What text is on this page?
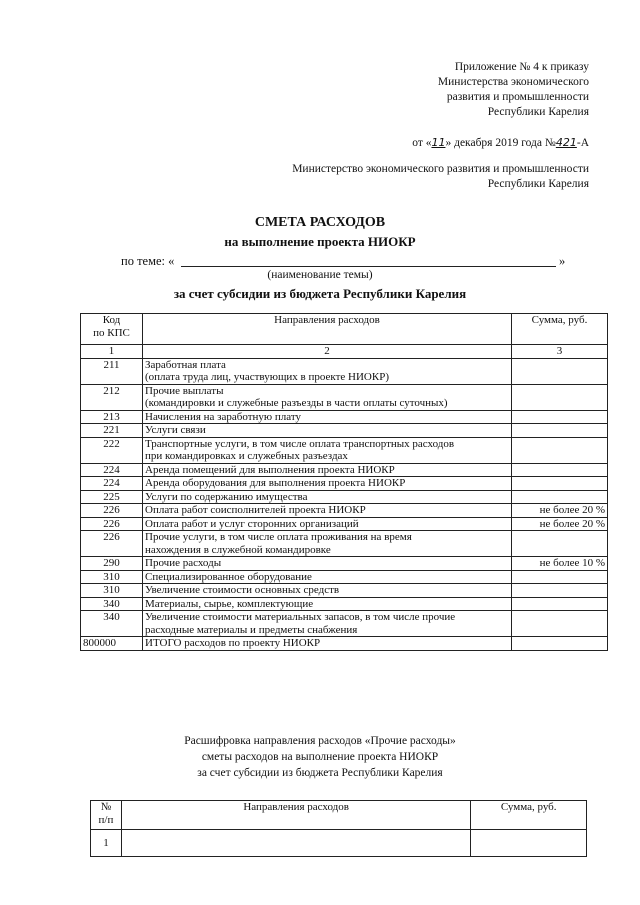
Приложение № 4 к приказу
Министерства экономического
развития и промышленности
Республики Карелия
от «11» декабря 2019 года №421-А
Министерство экономического развития и промышленности
Республики Карелия
СМЕТА РАСХОДОВ
на выполнение проекта НИОКР
по теме: «	»
(наименование темы)
за счет субсидии из бюджета Республики Карелия
Код
по КПС	Направления расходов	Сумма, руб.
1	2	3
211	Заработная плата
(оплата труда лиц, участвующих в проекте НИОКР)	
212	Прочие выплаты
(командировки и служебные разъезды в части оплаты суточных)	
213	Начисления на заработную плату	
221	Услуги связи	
222	Транспортные услуги, в том числе оплата транспортных расходов
при командировках и служебных разъездах	
224	Аренда помещений для выполнения проекта НИОКР	
224	Аренда оборудования для выполнения проекта НИОКР	
225	Услуги по содержанию имущества	
226	Оплата работ соисполнителей проекта НИОКР	не более 20 %
226	Оплата работ и услуг сторонних организаций	не более 20 %
226	Прочие услуги, в том числе оплата проживания на время
нахождения в служебной командировке	
290	Прочие расходы	не более 10 %
310	Специализированное оборудование	
310	Увеличение стоимости основных средств	
340	Материалы, сырье, комплектующие	
340	Увеличение стоимости материальных запасов, в том числе прочие
расходные материалы и предметы снабжения	
800000	ИТОГО расходов по проекту НИОКР	
Расшифровка направления расходов «Прочие расходы»
сметы расходов на выполнение проекта НИОКР
за счет субсидии из бюджета Республики Карелия
№
п/п	Направления расходов	Сумма, руб.
1		
